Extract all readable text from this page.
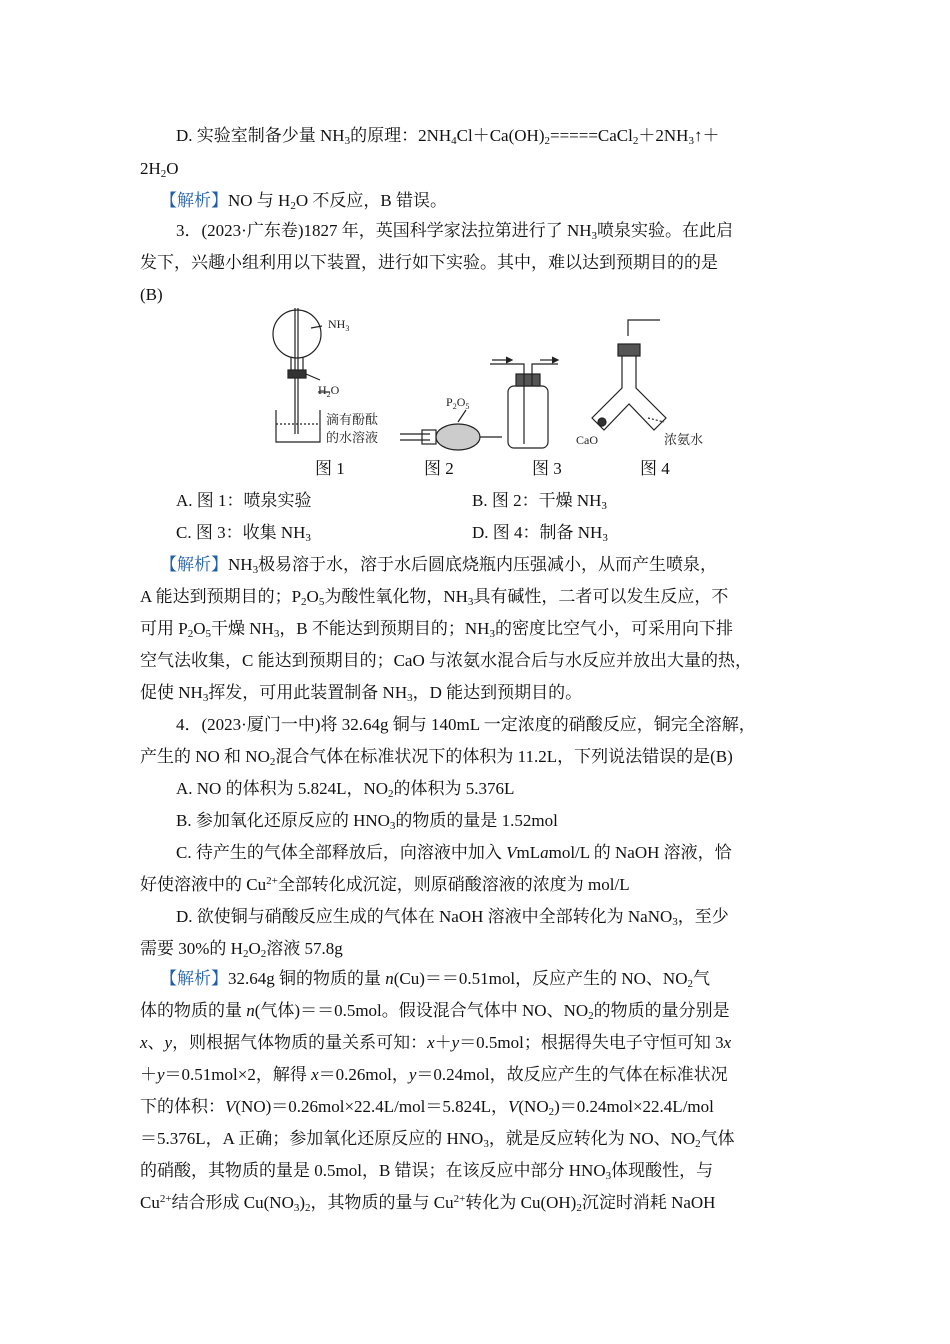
D. 实验室制备少量 $NH_3$的原理：$2NH_4Cl+Ca(OH)_2=====CaCl_2+2NH_3↑+$
$2H_2O$
【解析】NO 与 $H_2O$ 不反应，B 错误。
3．(2023·广东卷)1827 年，英国科学家法拉第进行了 $NH_3$喷泉实验。在此启
发下，兴趣小组利用以下装置，进行如下实验。其中，难以达到预期目的的是
(B)
$NH_3$
$H_2O$
滴有酚酞
的水溶液
$P_2O_5$
CaO	浓氨水
图 1	图 2	图 3	图 4
A. 图 1：喷泉实验	B. 图 2：干燥 $NH_3$
C. 图 3：收集 $NH_3$	D. 图 4：制备 $NH_3$
【解析】$NH_3$极易溶于水，溶于水后圆底烧瓶内压强减小，从而产生喷泉，
A 能达到预期目的；$P_2O_5$为酸性氧化物，$NH_3$具有碱性，二者可以发生反应，不
可用 $P_2O_5$干燥 $NH_3$，B 不能达到预期目的；$NH_3$的密度比空气小，可采用向下排
空气法收集，C 能达到预期目的；CaO 与浓氨水混合后与水反应并放出大量的热，
促使 $NH_3$挥发，可用此装置制备 $NH_3$，D 能达到预期目的。
4．(2023·厦门一中)将 32.64g 铜与 140mL 一定浓度的硝酸反应，铜完全溶解，
产生的 NO 和 $NO_2$混合气体在标准状况下的体积为 11.2L，下列说法错误的是(B)
A. NO 的体积为 5.824L，$NO_2$的体积为 5.376L
B. 参加氧化还原反应的 $HNO_3$的物质的量是 1.52mol
C. 待产生的气体全部释放后，向溶液中加入 VmLamol/L 的 NaOH 溶液，恰
好使溶液中的 $Cu^{2+}$全部转化成沉淀，则原硝酸溶液的浓度为 mol/L
D. 欲使铜与硝酸反应生成的气体在 NaOH 溶液中全部转化为 NaNO$_3$，至少
需要 30%的 $H_2O_2$溶液 57.8g
【解析】32.64g 铜的物质的量 n(Cu)＝＝0.51mol，反应产生的 NO、$NO_2$气
体的物质的量 n(气体)＝＝0.5mol。假设混合气体中 NO、$NO_2$的物质的量分别是
x、y，则根据气体物质的量关系可知：x＋y＝0.5mol；根据得失电子守恒可知 3x
＋y＝0.51mol×2，解得 x＝0.26mol，y＝0.24mol，故反应产生的气体在标准状况
下的体积：V(NO)＝0.26mol×22.4L/mol＝5.824L，$V(NO_2)=0.24mol\times 22.4L$/mol
＝5.376L，A 正确；参加氧化还原反应的 $HNO_3$，就是反应转化为 NO、$NO_2$气体
的硝酸，其物质的量是 0.5mol，B 错误；在该反应中部分 $HNO_3$体现酸性，与
$Cu^{2+}$结合形成 $Cu(NO_3)_2$，其物质的量与 $Cu^{2+}$转化为 $Cu(OH)_2$沉淀时消耗 NaOH
